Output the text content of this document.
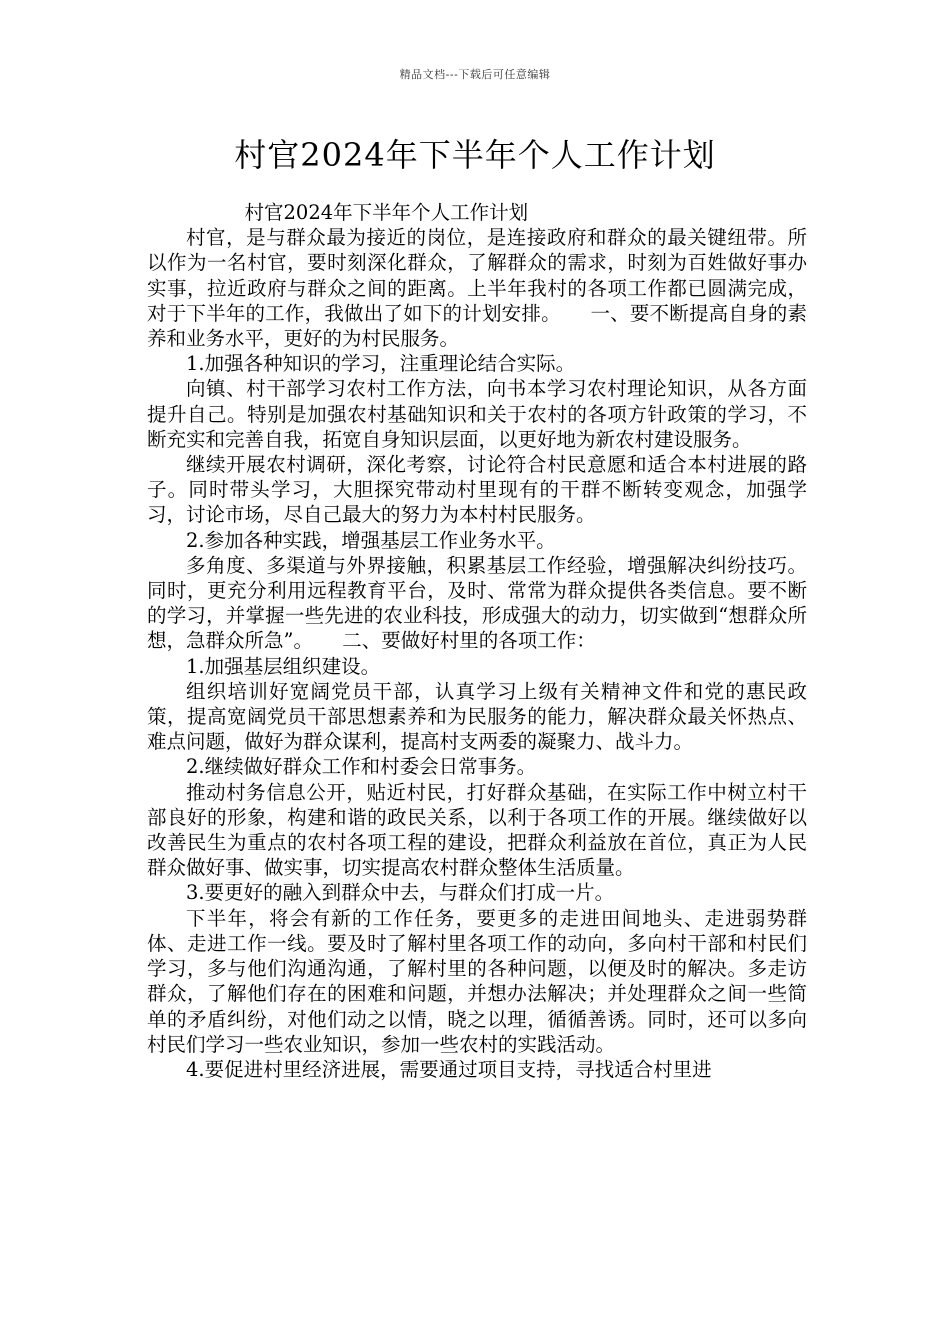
精品文档---下载后可任意编辑
村官2024年下半年个人工作计划

村官2024年下半年个人工作计划

村官，是与群众最为接近的岗位，是连接政府和群众的最关键纽带。所以作为一名村官，要时刻深化群众，了解群众的需求，时刻为百姓做好事办实事，拉近政府与群众之间的距离。上半年我村的各项工作都已圆满完成，对于下半年的工作，我做出了如下的计划安排。　　一、要不断提高自身的素养和业务水平，更好的为村民服务。

1.加强各种知识的学习，注重理论结合实际。

向镇、村干部学习农村工作方法，向书本学习农村理论知识，从各方面提升自己。特别是加强农村基础知识和关于农村的各项方针政策的学习，不断充实和完善自我，拓宽自身知识层面，以更好地为新农村建设服务。

继续开展农村调研，深化考察，讨论符合村民意愿和适合本村进展的路子。同时带头学习，大胆探究带动村里现有的干群不断转变观念，加强学习，讨论市场，尽自己最大的努力为本村村民服务。

2.参加各种实践，增强基层工作业务水平。

多角度、多渠道与外界接触，积累基层工作经验，增强解决纠纷技巧。同时，更充分利用远程教育平台，及时、常常为群众提供各类信息。要不断的学习，并掌握一些先进的农业科技，形成强大的动力，切实做到“想群众所想，急群众所急”。　　二、要做好村里的各项工作：

1.加强基层组织建设。

组织培训好宽阔党员干部，认真学习上级有关精神文件和党的惠民政策，提高宽阔党员干部思想素养和为民服务的能力，解决群众最关怀热点、难点问题，做好为群众谋利，提高村支两委的凝聚力、战斗力。

2.继续做好群众工作和村委会日常事务。

推动村务信息公开，贴近村民，打好群众基础，在实际工作中树立村干部良好的形象，构建和谐的政民关系，以利于各项工作的开展。继续做好以改善民生为重点的农村各项工程的建设，把群众利益放在首位，真正为人民群众做好事、做实事，切实提高农村群众整体生活质量。

3.要更好的融入到群众中去，与群众们打成一片。

下半年，将会有新的工作任务，要更多的走进田间地头、走进弱势群体、走进工作一线。要及时了解村里各项工作的动向，多向村干部和村民们学习，多与他们沟通沟通，了解村里的各种问题，以便及时的解决。多走访群众，了解他们存在的困难和问题，并想办法解决；并处理群众之间一些简单的矛盾纠纷，对他们动之以情，晓之以理，循循善诱。同时，还可以多向村民们学习一些农业知识，参加一些农村的实践活动。

4.要促进村里经济进展，需要通过项目支持，寻找适合村里进
